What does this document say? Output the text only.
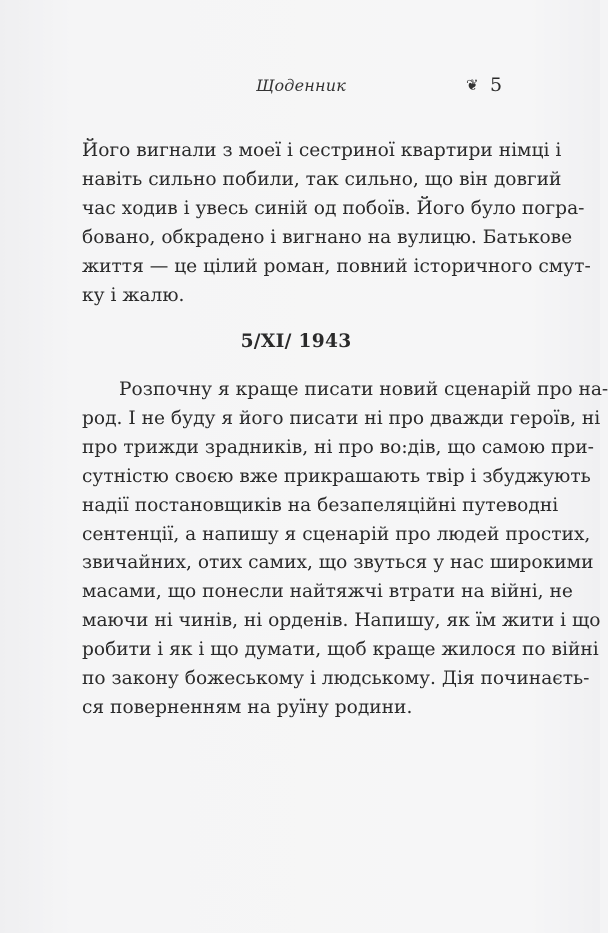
Щоденник	❦ 5
Його вигнали з моеї і сестриної квартири німці і
навіть сильно побили, так сильно, що він довгий
час ходив і увесь синій од побоїв. Його було погра-
бовано, обкрадено і вигнано на вулицю. Батькове
життя — це цілий роман, повний історичного смут-
ку і жалю.
5/XI/ 1943
Розпочну я краще писати новий сценарій про на-
род. І не буду я його писати ні про двaжди героїв, ні
про трижди зрадників, ні про во:дів, що самою при-
сутністю своєю вже прикрашають твір і збуджують
надії постановщиків на безапеляційні путеводні
сентенції, а напишу я сценарій про людей простих,
звичайних, отих самих, що звуться у нас широкими
масами, що понесли найтяжчі втрати на війні, не
маючи ні чинів, ні орденів. Напишу, як їм жити і що
робити і як і що думати, щоб краще жилося по війні
по закону божеському і людському. Дія починаєть-
ся поверненням на руїну родини.
